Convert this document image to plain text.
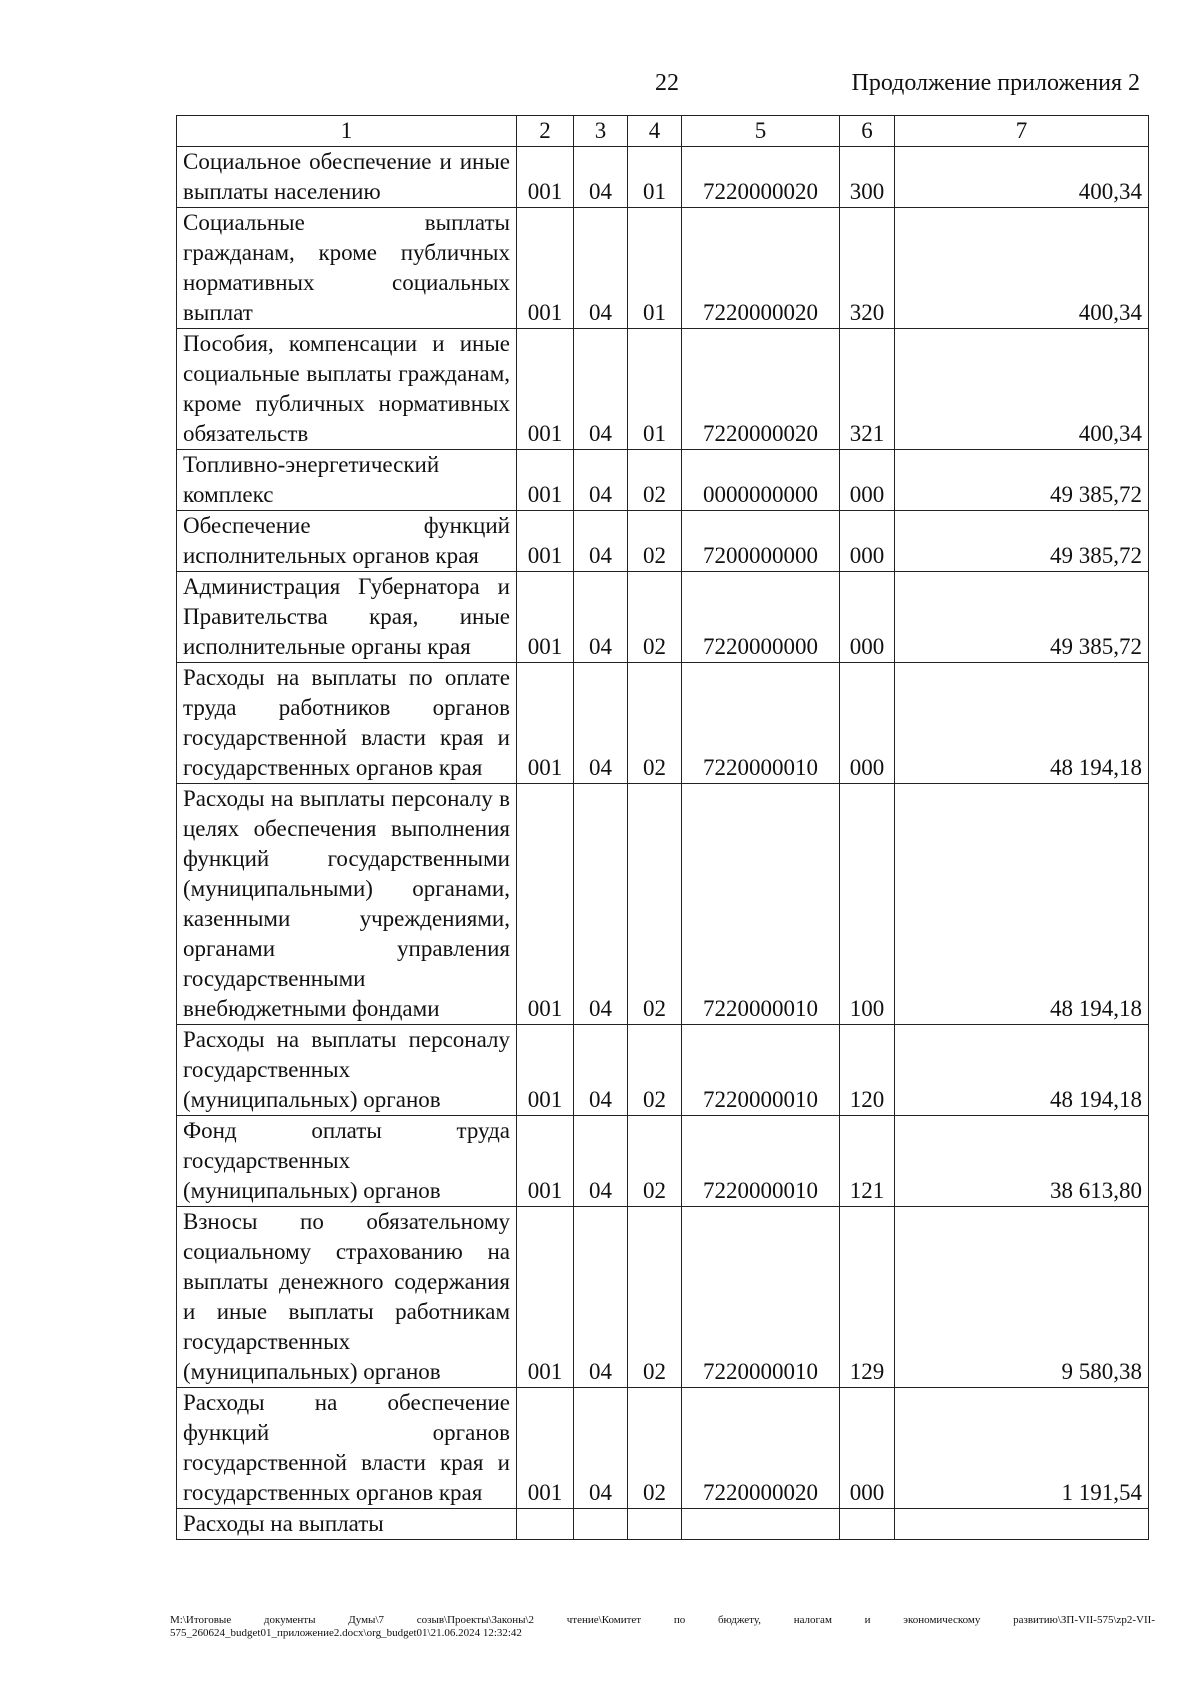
22	Продолжение приложения 2
1	2	3	4	5	6	7
Социальное обеспечение и иные выплаты населению	001	04	01	7220000020	300	400,34
Социальные выплаты гражданам, кроме публичных нормативных социальных выплат	001	04	01	7220000020	320	400,34
Пособия, компенсации и иные социальные выплаты гражданам, кроме публичных нормативных обязательств	001	04	01	7220000020	321	400,34
Топливно-энергетический комплекс	001	04	02	0000000000	000	49 385,72
Обеспечение функций исполнительных органов края	001	04	02	7200000000	000	49 385,72
Администрация Губернатора и Правительства края, иные исполнительные органы края	001	04	02	7220000000	000	49 385,72
Расходы на выплаты по оплате труда работников органов государственной власти края и государственных органов края	001	04	02	7220000010	000	48 194,18
Расходы на выплаты персоналу в целях обеспечения выполнения функций государственными (муниципальными) органами, казенными учреждениями, органами управления государственными внебюджетными фондами	001	04	02	7220000010	100	48 194,18
Расходы на выплаты персоналу государственных (муниципальных) органов	001	04	02	7220000010	120	48 194,18
Фонд оплаты труда государственных (муниципальных) органов	001	04	02	7220000010	121	38 613,80
Взносы по обязательному социальному страхованию на выплаты денежного содержания и иные выплаты работникам государственных (муниципальных) органов	001	04	02	7220000010	129	9 580,38
Расходы на обеспечение функций органов государственной власти края и государственных органов края	001	04	02	7220000020	000	1 191,54
Расходы на выплаты						
M:\Итоговые документы Думы\7 созыв\Проекты\Законы\2 чтение\Комитет по бюджету, налогам и экономическому развитию\ЗП-VII-575\zp2-VII-575_260624_budget01_приложение2.docx\org_budget01\21.06.2024 12:32:42
